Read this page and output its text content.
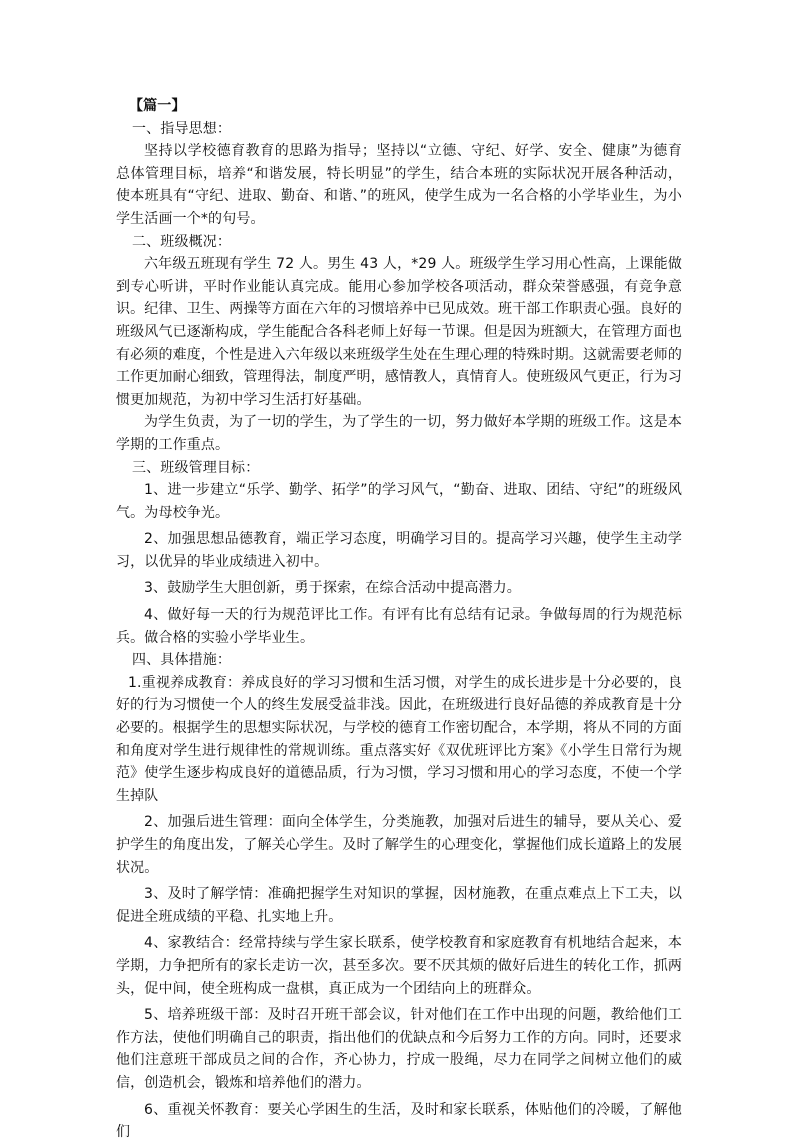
【篇一】

一、指导思想：

坚持以学校德育教育的思路为指导；坚持以“立德、守纪、好学、安全、健康”为德育总体管理目标，培养“和谐发展，特长明显”的学生，结合本班的实际状况开展各种活动，使本班具有“守纪、进取、勤奋、和谐、”的班风，使学生成为一名合格的小学毕业生，为小学生活画一个*的句号。

二、班级概况：

六年级五班现有学生 72 人。男生 43 人，*29 人。班级学生学习用心性高，上课能做到专心听讲，平时作业能认真完成。能用心参加学校各项活动，群众荣誉感强，有竞争意识。纪律、卫生、两操等方面在六年的习惯培养中已见成效。班干部工作职责心强。良好的班级风气已逐渐构成，学生能配合各科老师上好每一节课。但是因为班额大，在管理方面也有必须的难度，个性是进入六年级以来班级学生处在生理心理的特殊时期。这就需要老师的工作更加耐心细致，管理得法，制度严明，感情教人，真情育人。使班级风气更正，行为习惯更加规范，为初中学习生活打好基础。

为学生负责，为了一切的学生，为了学生的一切，努力做好本学期的班级工作。这是本学期的工作重点。

三、班级管理目标：

1、进一步建立“乐学、勤学、拓学”的学习风气，“勤奋、进取、团结、守纪”的班级风气。为母校争光。

2、加强思想品德教育，端正学习态度，明确学习目的。提高学习兴趣，使学生主动学习，以优异的毕业成绩进入初中。

3、鼓励学生大胆创新，勇于探索，在综合活动中提高潜力。

4、做好每一天的行为规范评比工作。有评有比有总结有记录。争做每周的行为规范标兵。做合格的实验小学毕业生。

四、具体措施：

1.重视养成教育：养成良好的学习习惯和生活习惯，对学生的成长进步是十分必要的，良好的行为习惯使一个人的终生发展受益非浅。因此，在班级进行良好品德的养成教育是十分必要的。根据学生的思想实际状况，与学校的德育工作密切配合，本学期，将从不同的方面和角度对学生进行规律性的常规训练。重点落实好《双优班评比方案》《小学生日常行为规范》使学生逐步构成良好的道德品质，行为习惯，学习习惯和用心的学习态度，不使一个学生掉队

2、加强后进生管理：面向全体学生，分类施教，加强对后进生的辅导，要从关心、爱护学生的角度出发，了解关心学生。及时了解学生的心理变化，掌握他们成长道路上的发展状况。

3、及时了解学情：准确把握学生对知识的掌握，因材施教，在重点难点上下工夫，以促进全班成绩的平稳、扎实地上升。

4、家教结合：经常持续与学生家长联系，使学校教育和家庭教育有机地结合起来，本学期，力争把所有的家长走访一次，甚至多次。要不厌其烦的做好后进生的转化工作，抓两头，促中间，使全班构成一盘棋，真正成为一个团结向上的班群众。

5、培养班级干部：及时召开班干部会议，针对他们在工作中出现的问题，教给他们工作方法，使他们明确自己的职责，指出他们的优缺点和今后努力工作的方向。同时，还要求他们注意班干部成员之间的合作，齐心协力，拧成一股绳，尽力在同学之间树立他们的威信，创造机会，锻炼和培养他们的潜力。

6、重视关怀教育：要关心学困生的生活，及时和家长联系，体贴他们的冷暖，了解他们
